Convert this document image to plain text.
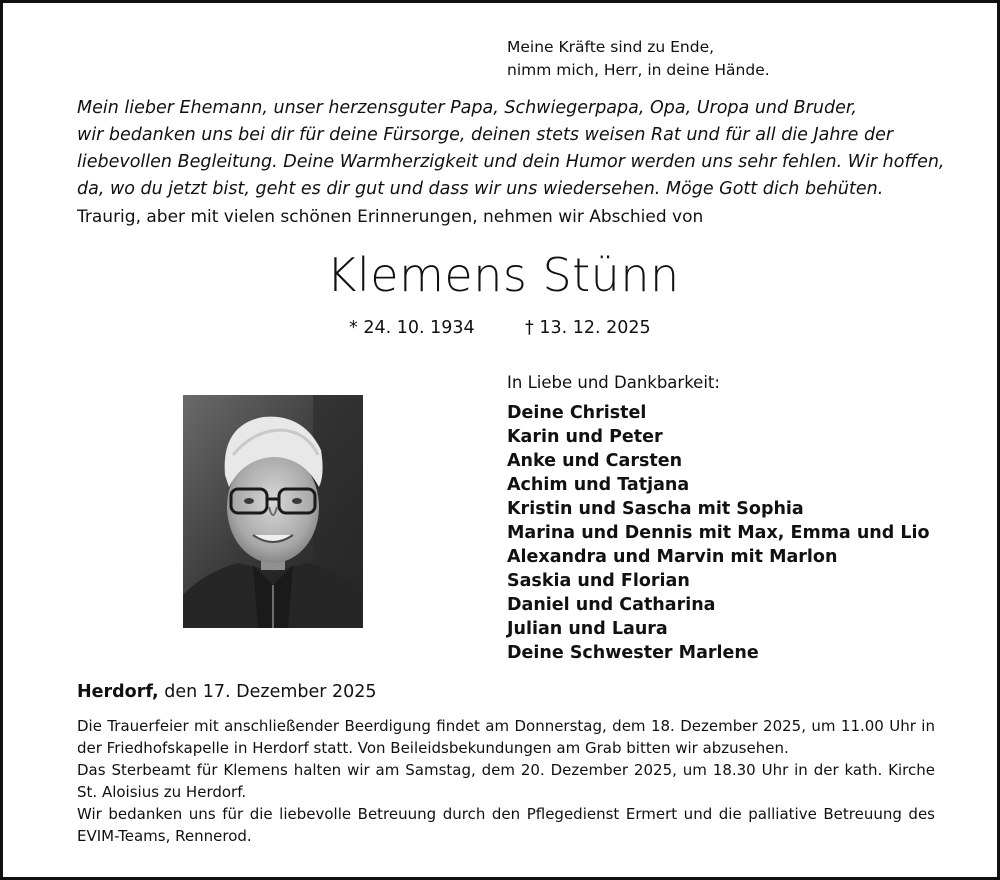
Meine Kräfte sind zu Ende,
nimm mich, Herr, in deine Hände.
Mein lieber Ehemann, unser herzensguter Papa, Schwiegerpapa, Opa, Uropa und Bruder,
wir bedanken uns bei dir für deine Fürsorge, deinen stets weisen Rat und für all die Jahre der
liebevollen Begleitung. Deine Warmherzigkeit und dein Humor werden uns sehr fehlen. Wir hoffen,
da, wo du jetzt bist, geht es dir gut und dass wir uns wiedersehen. Möge Gott dich behüten.
Traurig, aber mit vielen schönen Erinnerungen, nehmen wir Abschied von
Klemens Stünn
* 24. 10. 1934	† 13. 12. 2025
In Liebe und Dankbarkeit:
Deine Christel
Karin und Peter
Anke und Carsten
Achim und Tatjana
Kristin und Sascha mit Sophia
Marina und Dennis mit Max, Emma und Lio
Alexandra und Marvin mit Marlon
Saskia und Florian
Daniel und Catharina
Julian und Laura
Deine Schwester Marlene
Herdorf, den 17. Dezember 2025

Die Trauerfeier mit anschließender Beerdigung findet am Donnerstag, dem 18. Dezember 2025, um 11.00 Uhr in der Friedhofskapelle in Herdorf statt. Von Beileidsbekundungen am Grab bitten wir abzusehen.

Das Sterbeamt für Klemens halten wir am Samstag, dem 20. Dezember 2025, um 18.30 Uhr in der kath. Kirche St. Aloisius zu Herdorf.

Wir bedanken uns für die liebevolle Betreuung durch den Pflegedienst Ermert und die palliative Betreuung des EVIM-Teams, Rennerod.
